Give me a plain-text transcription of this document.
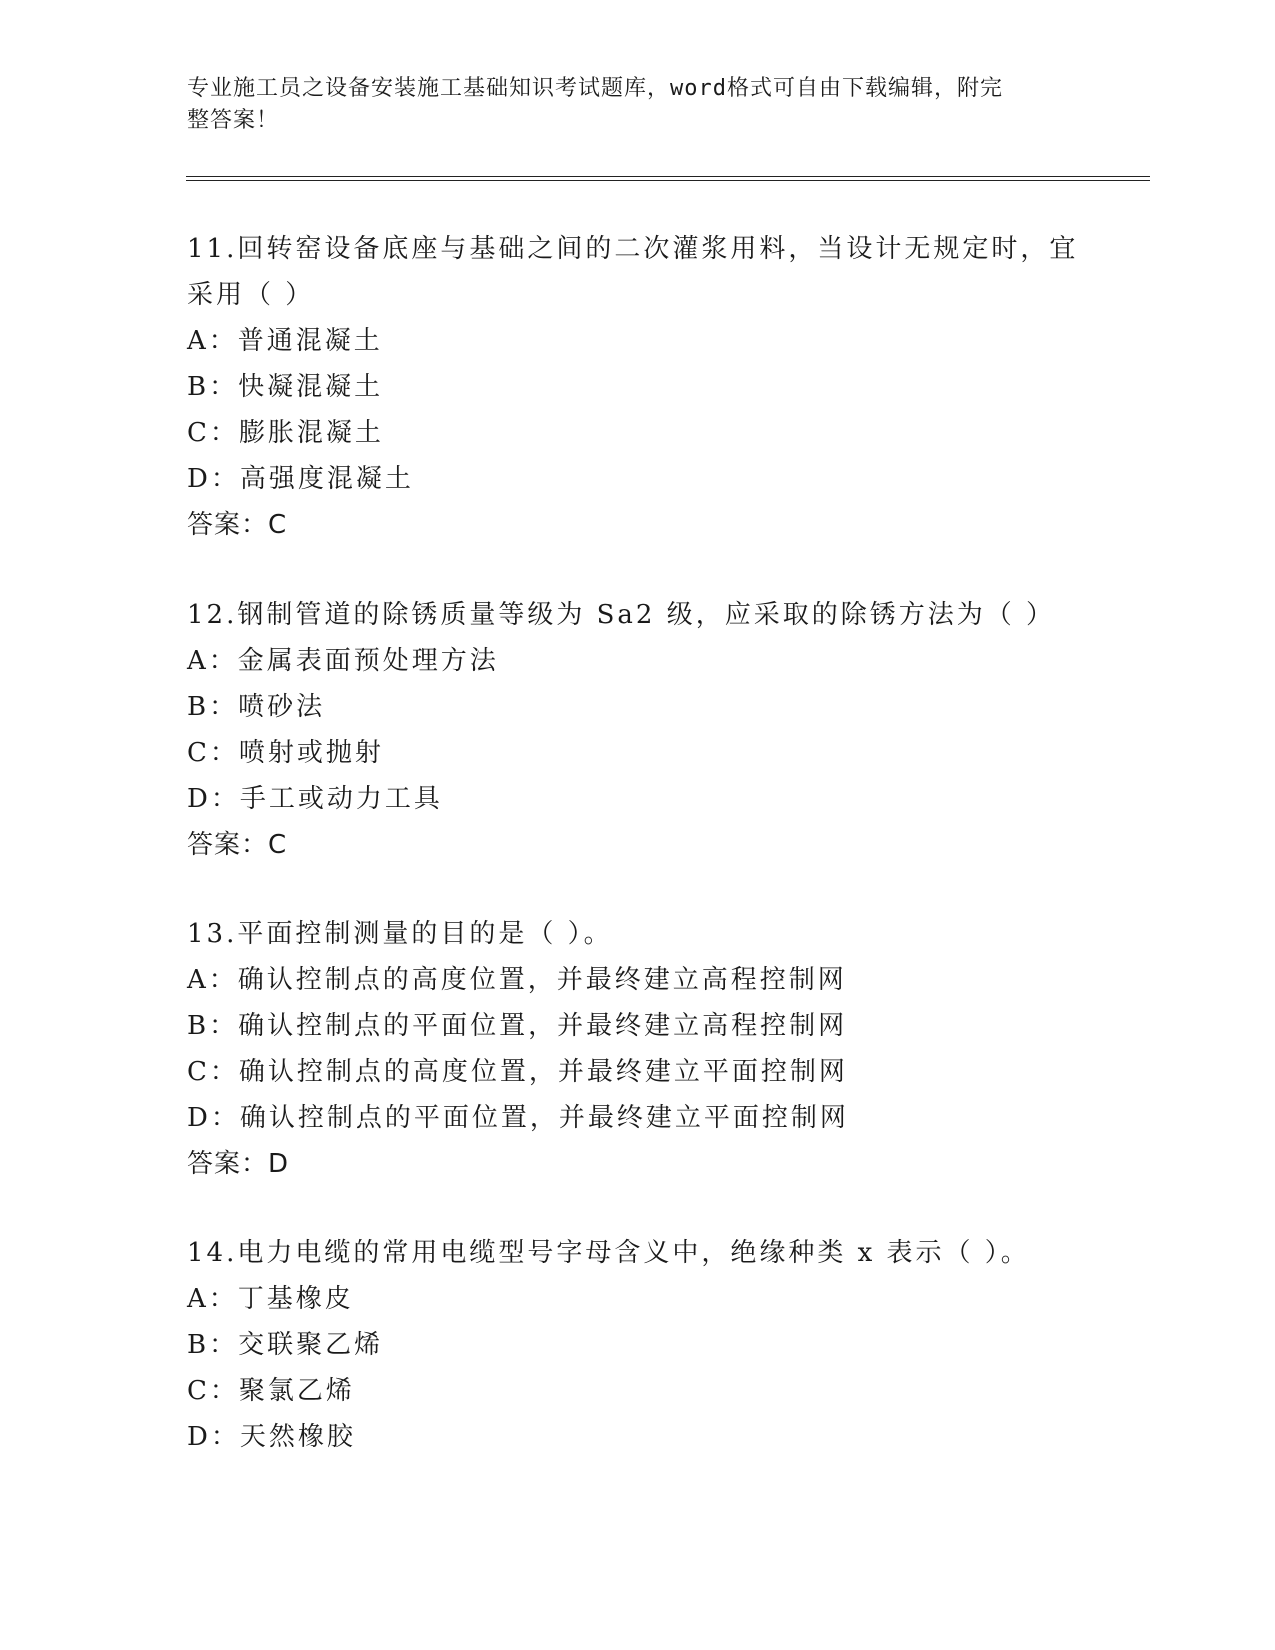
专业施工员之设备安装施工基础知识考试题库，word格式可自由下载编辑，附完
整答案！
11.回转窑设备底座与基础之间的二次灌浆用料，当设计无规定时，宜
采用（ ）
A：普通混凝土
B：快凝混凝土
C：膨胀混凝土
D：高强度混凝土
答案：C
12.钢制管道的除锈质量等级为 Sa2 级，应采取的除锈方法为（ ）
A：金属表面预处理方法
B：喷砂法
C：喷射或抛射
D：手工或动力工具
答案：C
13.平面控制测量的目的是（ ）。
A：确认控制点的高度位置，并最终建立高程控制网
B：确认控制点的平面位置，并最终建立高程控制网
C：确认控制点的高度位置，并最终建立平面控制网
D：确认控制点的平面位置，并最终建立平面控制网
答案：D
14.电力电缆的常用电缆型号字母含义中，绝缘种类 x 表示（ ）。
A：丁基橡皮
B：交联聚乙烯
C：聚氯乙烯
D：天然橡胶
